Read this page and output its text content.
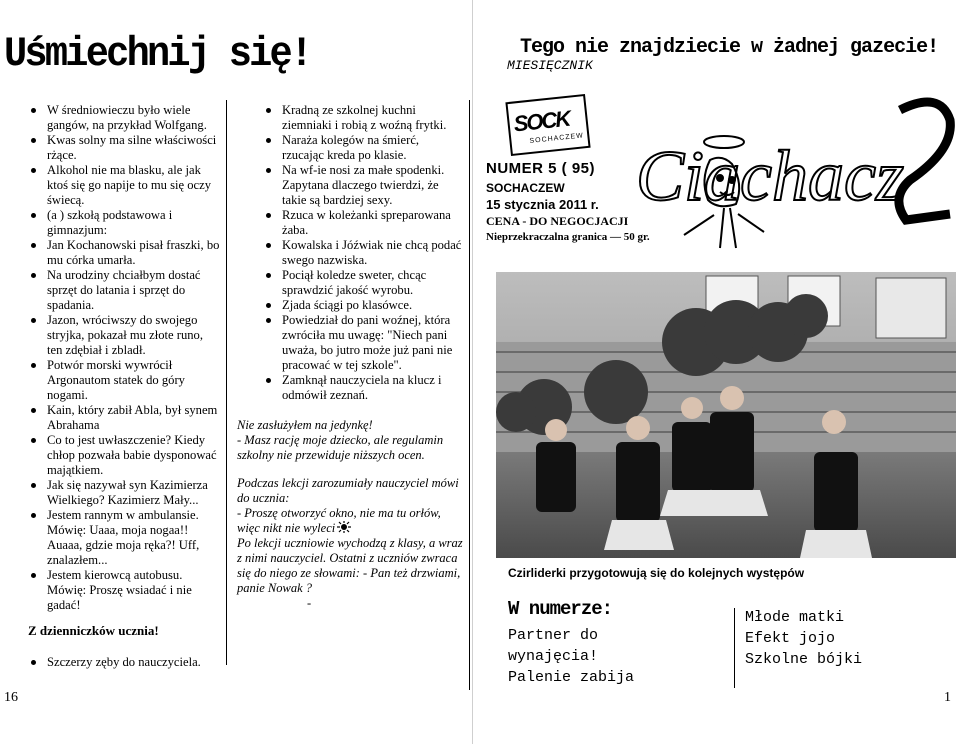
Uśmiechnij się!
W średniowieczu było wiele gangów, na przykład Wolfgang.
Kwas solny ma silne właściwości rżące.
Alkohol nie ma blasku, ale jak ktoś się go napije to mu się oczy świecą.
(a ) szkołą podstawowa i gimnazjum:
Jan Kochanowski pisał fraszki, bo mu córka umarła.
Na urodziny chciałbym dostać sprzęt do latania i sprzęt do spadania.
Jazon, wróciwszy do swojego stryjka, pokazał mu złote runo, ten zdębiał i zbladł.
Potwór morski wywrócił Argonautom statek do góry nogami.
Kain, który zabił Abla, był synem Abrahama
Co to jest uwłaszczenie? Kiedy chłop pozwała babie dysponować majątkiem.
Jak się nazywał syn Kazimierza Wielkiego? Kazimierz Mały...
Jestem rannym w ambulansie. Mówię: Uaaa, moja nogaa!! Auaaa, gdzie moja ręka?! Uff, znalazłem...
Jestem kierowcą autobusu. Mówię: Proszę wsiadać i nie gadać!
Kradną ze szkolnej kuchni ziemniaki i robią z woźną frytki.
Narażа kolegów na śmierć, rzucając kreda po klasie.
Na wf-ie nosi za małe spodenki. Zapytana dlaczego twierdzi, że takie są bardziej sexy.
Rzuca w koleżanki spreparowana żaba.
Kowalska i Jóźwiak nie chcą podać swego nazwiska.
Pociął koledze sweter, chcąc sprawdzić jakość wyrobu.
Zjada ściągi po klasówce.
Powiedział do pani woźnej, która zwróciła mu uwagę: "Niech pani uważa, bo jutro może już pani nie pracować w tej szkole".
Zamknął nauczyciela na klucz i odmówił zeznań.

Nie zasłużyłem na jedynkę!

- Masz rację moje dziecko, ale regulamin szkolny nie przewiduje niższych ocen.

Podczas lekcji zarozumiały nauczyciel mówi do ucznia:

- Proszę otworzyć okno, nie ma tu orłów, więc nikt nie wyleci

Po lekcji uczniowie wychodzą z klasy, a wraz z nimi nauczyciel. Ostatni z uczniów zwraca się do niego ze słowami: - Pan też drzwiami, panie Nowak ?

-

Z dzienniczków ucznia!
Szczerzy zęby do nauczyciela.
16
Tego nie znajdziecie w żadnej gazecie!
MIESIĘCZNIK
SOCK
SOCHACZEW
NUMER 5 ( 95)
SOCHACZEW
15 stycznia 2011 r.
CENA - DO NEGOCJACJI
Nieprzekraczalna granica — 50 gr.
Ciachacz
Czirliderki przygotowują się do kolejnych występów
W numerze:
Partner do
wynajęcia!
Palenie zabija
Młode matki
Efekt jojo
Szkolne bójki
1
